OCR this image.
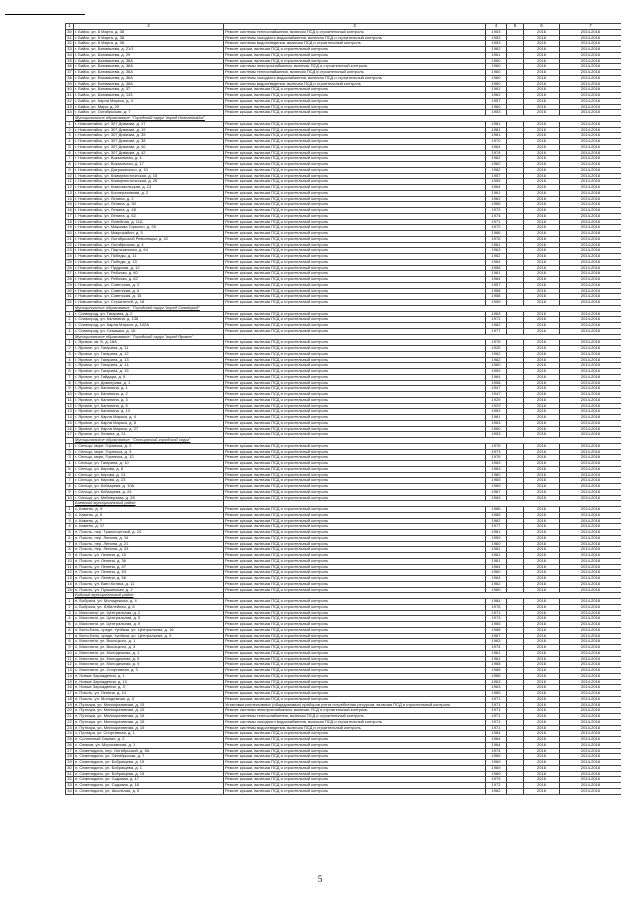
1	2	3	4	5	6	7
30	г. Бийск, ул. 8 Марта, д. 38	Ремонт системы теплоснабжения, включая ПСД и строительный контроль	1953		2016	2014-2016
31	г. Бийск, ул. 8 Марта, д. 38	Ремонт системы холодного водоснабжения, включая ПСД и строительный контроль	1953		2016	2014-2016
32	г. Бийск, ул. 8 Марта, д. 38	Ремонт системы водоотведения, включая ПСД и строительный контроль	1953		2016	2014-2016
33	г. Бийск, ул. Батмишева, д. 21/1	Ремонт крыши, включая ПСД и строительный контроль	1962		2016	2014-2016
34	г. Бийск, ул. Батмишева, д. 29	Ремонт крыши, включая ПСД и строительный контроль	1961		2016	2014-2016
35	г. Бийск, ул. Батмишева, д. 36А	Ремонт крыши, включая ПСД и строительный контроль	1960		2016	2014-2016
36	г. Бийск, ул. Батмишева, д. 36А	Ремонт системы электроснабжения, включая ПСД и строительный контроль	1960		2016	2014-2016
37	г. Бийск, ул. Батмишева, д. 36А	Ремонт системы теплоснабжения, включая ПСД и строительный контроль	1960		2016	2014-2016
38	г. Бийск, ул. Батмишева, д. 36А	Ремонт системы холодного водоснабжения, включая ПСД и строительный контроль	1960		2016	2014-2016
39	г. Бийск, ул. Батмишева, д. 36А	Ремонт системы водоотведения, включая ПСД и строительный контроль	1960		2016	2014-2016
40	г. Бийск, ул. Батмишева, д. 37	Ремонт крыши, включая ПСД и строительный контроль	1961		2016	2014-2016
41	г. Бийск, ул. Батмишева, д. 143	Ремонт крыши, включая ПСД и строительный контроль	1962		2016	2014-2016
42	г. Бийск, ул. Карла Маркса, д. 4	Ремонт крыши, включая ПСД и строительный контроль	1957		2016	2014-2016
43	г. Бийск, ул. Мира, д. 29	Ремонт крыши, включая ПСД и строительный контроль	1960		2016	2014-2016
44	г. Бийск, ул. Октябрьская, д. 7	Ремонт крыши, включая ПСД и строительный контроль	1953		2016	2014-2016
	Муниципальное образование: "Городской округ "город Новоалтайск"					
1	г. Новоалтайск, ул. 307 Дивизии, д. 17	Ремонт крыши, включая ПСД и строительный контроль	1981		2016	2014-2016
2	г. Новоалтайск, ул. 307 Дивизии, д. 19	Ремонт крыши, включая ПСД и строительный контроль	1981		2016	2014-2016
3	г. Новоалтайск, ул. 307 Дивизии, д. 35	Ремонт крыши, включая ПСД и строительный контроль	1981		2016	2014-2016
4	г. Новоалтайск, ул. 307 Дивизии, д. 38	Ремонт крыши, включая ПСД и строительный контроль	1970		2016	2014-2016
5	г. Новоалтайск, ул. 307 Дивизии, д. 40	Ремонт крыши, включая ПСД и строительный контроль	1964		2016	2014-2016
6	г. Новоалтайск, ул. 307 Дивизии, д. 42	Ремонт крыши, включая ПСД и строительный контроль	1974		2016	2014-2016
7	г. Новоалтайск, ул. Вокзальная, д. 4	Ремонт крыши, включая ПСД и строительный контроль	1962		2016	2014-2016
8	г. Новоалтайск, ул. Вокзальная, д. 17	Ремонт крыши, включая ПСД и строительный контроль	1962		2016	2014-2016
9	г. Новоалтайск, ул. Дзержинского, д. 10	Ремонт крыши, включая ПСД и строительный контроль	1962		2016	2014-2016
10	г. Новоалтайск, ул. Коммунистическая, д. 16	Ремонт крыши, включая ПСД и строительный контроль	1957		2016	2014-2016
11	г. Новоалтайск, ул. Коммунистическая, д. 26	Ремонт крыши, включая ПСД и строительный контроль	1959		2016	2014-2016
12	г. Новоалтайск, ул. Комсомольская, д. 13	Ремонт крыши, включая ПСД и строительный контроль	1964		2016	2014-2016
13	г. Новоалтайск, ул. Кооперативная, д. 2	Ремонт крыши, включая ПСД и строительный контроль	1961		2016	2014-2016
14	г. Новоалтайск, ул. Ленина, д. 2	Ремонт крыши, включая ПСД и строительный контроль	1962		2016	2014-2016
15	г. Новоалтайск, ул. Ленина, д. 30	Ремонт крыши, включая ПСД и строительный контроль	1965		2016	2014-2016
16	г. Новоалтайск, ул. Ленина, д. 48	Ремонт крыши, включая ПСД и строительный контроль	1972		2016	2014-2016
17	г. Новоалтайск, ул. Ленина, д. 62	Ремонт крыши, включая ПСД и строительный контроль	1974		2016	2014-2016
18	г. Новоалтайск, ул. Линейная, д. 11А	Ремонт крыши, включая ПСД и строительный контроль	1971		2016	2014-2016
19	г. Новоалтайск, ул. Максима Горького, д. 26	Ремонт крыши, включая ПСД и строительный контроль	1972		2016	2014-2016
20	г. Новоалтайск, ул. Микрорайон, д. 5	Ремонт крыши, включая ПСД и строительный контроль	1966		2016	2014-2016
21	г. Новоалтайск, ул. Октябрьской Революции, д. 42	Ремонт крыши, включая ПСД и строительный контроль	1976		2016	2014-2016
22	г. Новоалтайск, ул. Октябрьская, д. 4	Ремонт крыши, включая ПСД и строительный контроль	1961		2016	2014-2016
23	г. Новоалтайск, ул. Партизанская, д. 64	Ремонт крыши, включая ПСД и строительный контроль	1963		2016	2014-2016
24	г. Новоалтайск, ул. Победы, д. 11	Ремонт крыши, включая ПСД и строительный контроль	1962		2016	2014-2016
25	г. Новоалтайск, ул. Победы, д. 13	Ремонт крыши, включая ПСД и строительный контроль	1964		2016	2014-2016
26	г. Новоалтайск, ул. Прудская, д. 12	Ремонт крыши, включая ПСД и строительный контроль	1958		2016	2014-2016
27	г. Новоалтайск, ул. Рабочая, д. 60	Ремонт крыши, включая ПСД и строительный контроль	1961		2016	2014-2016
28	г. Новоалтайск, ул. Рабочая, д. 62	Ремонт крыши, включая ПСД и строительный контроль	1964		2016	2014-2016
29	г. Новоалтайск, ул. Советская, д. 2	Ремонт крыши, включая ПСД и строительный контроль	1957		2016	2014-2016
30	г. Новоалтайск, ул. Советская, д. 6	Ремонт крыши, включая ПСД и строительный контроль	1958		2016	2014-2016
31	г. Новоалтайск, ул. Советская, д. 15	Ремонт крыши, включая ПСД и строительный контроль	1958		2016	2014-2016
32	г. Новоалтайск, ул. Строителей, д. 18	Ремонт крыши, включая ПСД и строительный контроль	1959		2016	2014-2016
	Муниципальное образование: "Городской округ "город Славгород"					
1	г. Славгород, ул. Гагарина, д. 2	Ремонт крыши, включая ПСД и строительный контроль	1963		2016	2014-2016
2	г. Славгород, ул. Калинина, д. 138	Ремонт крыши, включая ПСД и строительный контроль	1971		2016	2014-2016
3	г. Славгород, ул. Карла Маркса, д. 100А	Ремонт крыши, включая ПСД и строительный контроль	1962		2016	2014-2016
4	г. Славгород, ул. Семашко, д. 16	Ремонт крыши, включая ПСД и строительный контроль	1977		2016	2014-2016
	Муниципальное образование: "Городской округ "город Яровое"					
1	г. Яровое, кв. Б, д. 18А	Ремонт крыши, включая ПСД и строительный контроль	1976		2016	2014-2016
2	г. Яровое, ул. Гагарина, д. 11	Ремонт крыши, включая ПСД и строительный контроль	1925		2016	2014-2016
3	г. Яровое, ул. Гагарина, д. 12	Ремонт крыши, включая ПСД и строительный контроль	1962		2016	2014-2016
4	г. Яровое, ул. Гагарина, д. 13	Ремонт крыши, включая ПСД и строительный контроль	1962		2016	2014-2016
5	г. Яровое, ул. Гагарина, д. 14	Ремонт крыши, включая ПСД и строительный контроль	1960		2016	2014-2016
6	г. Яровое, ул. Гагарина, д. 15	Ремонт крыши, включая ПСД и строительный контроль	1959		2016	2014-2016
7	г. Яровое, ул. Гайдара, д. 9	Ремонт крыши, включая ПСД и строительный контроль	1964		2016	2014-2016
8	г. Яровое, ул. Димитрова, д. 1	Ремонт крыши, включая ПСД и строительный контроль	1958		2016	2014-2016
9	г. Яровое, ул. Калинина, д. 1	Ремонт крыши, включая ПСД и строительный контроль	1947		2016	2014-2016
10	г. Яровое, ул. Калинина, д. 2	Ремонт крыши, включая ПСД и строительный контроль	1947		2016	2014-2016
11	г. Яровое, ул. Калинина, д. 3	Ремонт крыши, включая ПСД и строительный контроль	1929		2016	2014-2016
12	г. Яровое, ул. Калинина, д. 5	Ремонт крыши, включая ПСД и строительный контроль	1929		2016	2014-2016
13	г. Яровое, ул. Калинина, д. 13	Ремонт крыши, включая ПСД и строительный контроль	1953		2016	2014-2016
14	г. Яровое, ул. Карла Маркса, д. 4	Ремонт крыши, включая ПСД и строительный контроль	1961		2016	2014-2016
15	г. Яровое, ул. Карла Маркса, д. 8	Ремонт крыши, включая ПСД и строительный контроль	1963		2016	2014-2016
16	г. Яровое, ул. Карла Маркса, д. 27	Ремонт крыши, включая ПСД и строительный контроль	1960		2016	2014-2016
17	г. Яровое, ул. Ленина, д. 21	Ремонт крыши, включая ПСД и строительный контроль	1953		2016	2014-2016
	Муниципальное образование: "Сельцовский городской округ"					
1	г. Сельцо, мкрн. Горнячка, д. 2	Ремонт крыши, включая ПСД и строительный контроль	1976		2016	2014-2016
2	г. Сельцо, мкрн. Горнячка, д. 3	Ремонт крыши, включая ПСД и строительный контроль	1973		2016	2014-2016
3	г. Сельцо, мкрн. Горнячка, д. 12	Ремонт крыши, включая ПСД и строительный контроль	1976		2016	2014-2016
4	г. Сельцо, ул. Гагарина, д. 10	Ремонт крыши, включая ПСД и строительный контроль	1963		2016	2014-2016
5	г. Сельцо, ул. Кирова, д. 8	Ремонт крыши, включая ПСД и строительный контроль	1963		2016	2014-2016
6	г. Сельцо, ул. Кирова, д. 13	Ремонт крыши, включая ПСД и строительный контроль	1960		2016	2014-2016
7	г. Сельцо, ул. Кирова, д. 23	Ремонт крыши, включая ПСД и строительный контроль	1965		2016	2014-2016
8	г. Сельцо, ул. Кобзарева, д. 10А	Ремонт крыши, включая ПСД и строительный контроль	1969		2016	2014-2016
9	г. Сельцо, ул. Кобзарева, д. 24	Ремонт крыши, включая ПСД и строительный контроль	1967		2016	2014-2016
10	г. Сельцо, ул. Мейнерзова, д. 28	Ремонт крыши, включая ПСД и строительный контроль	1969		2016	2014-2016
	Баевский муниципальный район					
1	с. Камень, д. 3	Ремонт крыши, включая ПСД и строительный контроль	1966		2016	2014-2016
2	с. Камень, д. 5	Ремонт крыши, включая ПСД и строительный контроль	1965		2016	2014-2016
3	с. Камень, д. 7	Ремонт крыши, включая ПСД и строительный контроль	1962		2016	2014-2016
4	с. Камень, д. 17	Ремонт крыши, включая ПСД и строительный контроль	1977		2016	2014-2016
5	п. Покоть, пер. Транспортный, д. 24	Ремонт крыши, включая ПСД и строительный контроль	1961		2016	2014-2016
6	п. Покоть, пер. Ленина, д. 16	Ремонт крыши, включая ПСД и строительный контроль	1959		2016	2014-2016
7	п. Покоть, пер. Ленина, д. 21	Ремонт крыши, включая ПСД и строительный контроль	1960		2016	2014-2016
8	п. Покоть, пер. Ленина, д. 33	Ремонт крыши, включая ПСД и строительный контроль	1961		2016	2014-2016
9	п. Покоть, ул. Ленина, д. 15	Ремонт крыши, включая ПСД и строительный контроль	1961		2016	2014-2016
10	п. Покоть, ул. Ленина, д. 36	Ремонт крыши, включая ПСД и строительный контроль	1961		2016	2014-2016
11	п. Покоть, ул. Ленина, д. 47	Ремонт крыши, включая ПСД и строительный контроль	1964		2016	2014-2016
12	п. Покоть, ул. Ленина, д. 53	Ремонт крыши, включая ПСД и строительный контроль	1960		2016	2014-2016
13	п. Покоть, ул. Ленина, д. 56	Ремонт крыши, включая ПСД и строительный контроль	1964		2016	2014-2016
14	п. Покоть, ул. Ваги Котика, д. 11	Ремонт крыши, включая ПСД и строительный контроль	1962		2016	2014-2016
15	п. Покоть, ул. Пушкинская, д. 2	Ремонт крыши, включая ПСД и строительный контроль	1960		2016	2014-2016
	Бийский муниципальный район					
1	п. Бобриха, ул. Молодежная, д. 4	Ремонт крыши, включая ПСД и строительный контроль	1984		2016	2014-2016
2	с. Бобриха, ул. Юбилейная, д. 6	Ремонт крыши, включая ПСД и строительный контроль	1976		2016	2014-2016
3	с. Малотини, ул. Центральная, д. 2	Ремонт крыши, включая ПСД и строительный контроль	1971		2016	2014-2016
4	с. Малотини, ул. Центральная, д. 5	Ремонт крыши, включая ПСД и строительный контроль	1973		2016	2014-2016
5	с. Малотини, ул. Центральная, д. 9	Ремонт крыши, включая ПСД и строительный контроль	1965		2016	2014-2016
6	п. Бело-Бель, средн. тупбаза, ул. Центральная, д. 16	Ремонт крыши, включая ПСД и строительный контроль	1968		2016	2014-2016
7	п. Бело-Бель, средн. тупбаза, ул. Центральная, д. 9	Ремонт крыши, включая ПСД и строительный контроль	1967		2016	2014-2016
8	с. Малотини, ул. Высоцкого, д. 1	Ремонт крыши, включая ПСД и строительный контроль	1963		2016	2014-2016
9	с. Малотини, ул. Высоцкого, д. 3	Ремонт крыши, включая ПСД и строительный контроль	1974		2016	2014-2016
10	с. Малотини, ул. Молодежная, д. 1	Ремонт крыши, включая ПСД и строительный контроль	1961		2016	2014-2016
11	с. Малотини, ул. Молодежная, д. 5	Ремонт крыши, включая ПСД и строительный контроль	1961		2016	2014-2016
12	с. Малотини, ул. Молодежная, д. 9	Ремонт крыши, включая ПСД и строительный контроль	1968		2016	2014-2016
13	с. Малотини, ул. Спортивная, д. 3	Ремонт крыши, включая ПСД и строительный контроль	1968		2016	2014-2016
14	п. Новые Зарождения, д. 1	Ремонт крыши, включая ПСД и строительный контроль	1965		2016	2014-2016
15	п. Новые Зарождения, д. 10	Ремонт крыши, включая ПСД и строительный контроль	1963		2016	2014-2016
16	п. Новые Зарождения, д. 3	Ремонт крыши, включая ПСД и строительный контроль	1963		2016	2014-2016
17	п. Покоть, ул. Ленина, д. 14	Ремонт крыши, включая ПСД и строительный контроль	1965		2016	2014-2016
18	п. Покоть, ул. Молодежная, д. 3	Ремонт крыши, включая ПСД и строительный контроль	1971		2016	2014-2016
19	п. Путлара, ул. Мелиоративная, д. 15	Установка коллективных (общедомовых) приборов учета потребления ресурсов, включая ПСД и строительный контроль	1971		2016	2014-2016
20	п. Путлара, ул. Мелиоративная, д. 15	Ремонт системы электроснабжения, включая ПСД и строительный контроль	1971		2016	2014-2016
21	п. Путлара, ул. Мелиоративная, д. 15	Ремонт системы теплоснабжения, включая ПСД и строительный контроль	1971		2016	2014-2016
22	п. Путлара, ул. Мелиоративная, д. 15	Ремонт системы холодного водоснабжения, включая ПСД и строительный контроль	1971		2016	2014-2016
23	п. Путлара, ул. Мелиоративная, д. 15	Ремонт системы водоотведения, включая ПСД и строительный контроль	1971		2016	2014-2016
24	с. Путлара, ул. Спортивная, д. 1	Ремонт крыши, включая ПСД и строительный контроль	1984		2016	2014-2016
25	п. Солнечный Свинин, д. 2	Ремонт крыши, включая ПСД и строительный контроль	1964		2016	2014-2016
26	с. Семков, ул. Морозовская, д. 1	Ремонт крыши, включая ПСД и строительный контроль	1964		2016	2014-2016
27	п. Семенидино, пер. Октябрьский, д. 5А	Ремонт крыши, включая ПСД и строительный контроль	1974		2016	2014-2016
28	п. Семенидино, ул. Октябрьская, д. 7	Ремонт крыши, включая ПСД и строительный контроль	1969		2016	2014-2016
29	п. Семенидино, ул. Бобрищева, д. 19	Ремонт крыши, включая ПСД и строительный контроль	1969		2016	2014-2016
30	п. Семенидино, ул. Бобрищева, д. 1	Ремонт крыши, включая ПСД и строительный контроль	1969		2016	2014-2016
31	п. Семенидино, ул. Бобрищева, д. 15	Ремонт крыши, включая ПСД и строительный контроль	1969		2016	2014-2016
32	п. Семенидино, ул. Садовая, д. 17	Ремонт крыши, включая ПСД и строительный контроль	1979		2016	2014-2016
33	п. Семенидино, ул. Садовая, д. 18	Ремонт крыши, включая ПСД и строительный контроль	1972		2016	2014-2016
34	п. Семенидино, ул. Школьная, д. 5	Ремонт крыши, включая ПСД и строительный контроль	1962		2016	2014-2016
5
